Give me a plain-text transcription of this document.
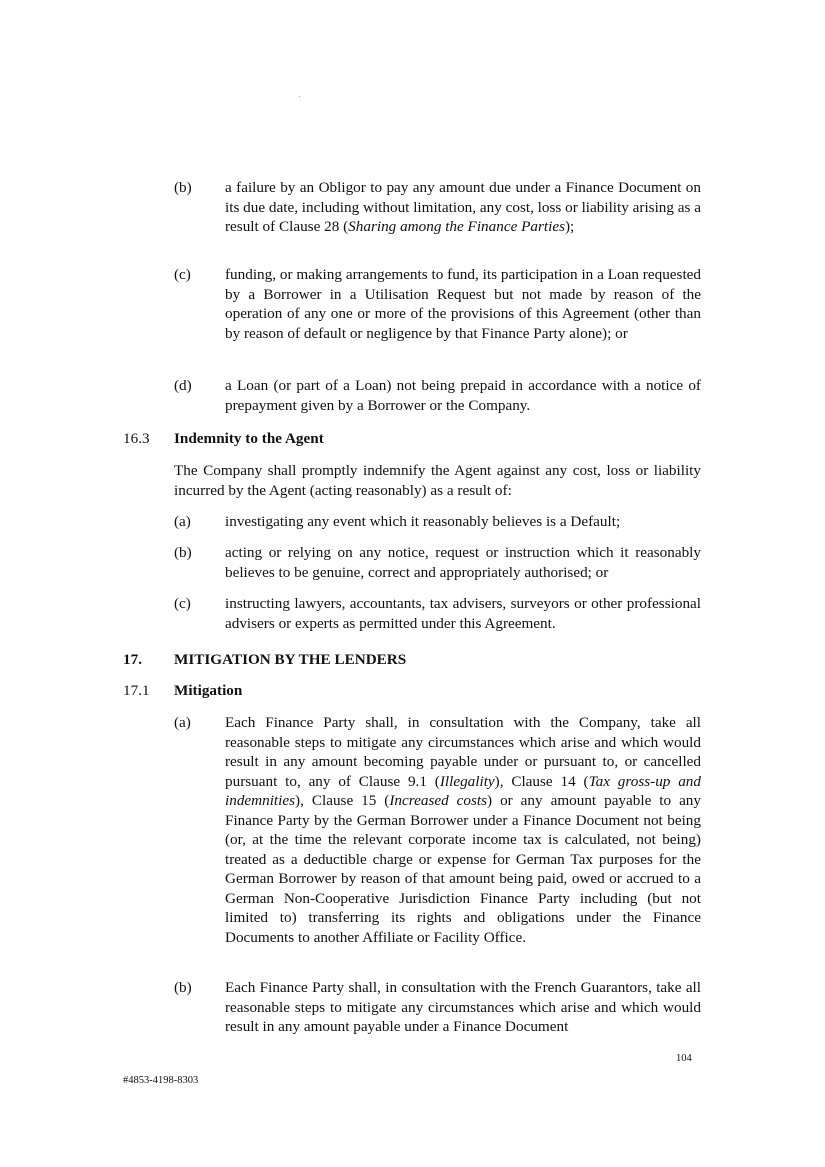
(b) a failure by an Obligor to pay any amount due under a Finance Document on its due date, including without limitation, any cost, loss or liability arising as a result of Clause 28 (Sharing among the Finance Parties);
(c) funding, or making arrangements to fund, its participation in a Loan requested by a Borrower in a Utilisation Request but not made by reason of the operation of any one or more of the provisions of this Agreement (other than by reason of default or negligence by that Finance Party alone); or
(d) a Loan (or part of a Loan) not being prepaid in accordance with a notice of prepayment given by a Borrower or the Company.
16.3 Indemnity to the Agent
The Company shall promptly indemnify the Agent against any cost, loss or liability incurred by the Agent (acting reasonably) as a result of:
(a) investigating any event which it reasonably believes is a Default;
(b) acting or relying on any notice, request or instruction which it reasonably believes to be genuine, correct and appropriately authorised; or
(c) instructing lawyers, accountants, tax advisers, surveyors or other professional advisers or experts as permitted under this Agreement.
17. MITIGATION BY THE LENDERS
17.1 Mitigation
(a) Each Finance Party shall, in consultation with the Company, take all reasonable steps to mitigate any circumstances which arise and which would result in any amount becoming payable under or pursuant to, or cancelled pursuant to, any of Clause 9.1 (Illegality), Clause 14 (Tax gross-up and indemnities), Clause 15 (Increased costs) or any amount payable to any Finance Party by the German Borrower under a Finance Document not being (or, at the time the relevant corporate income tax is calculated, not being) treated as a deductible charge or expense for German Tax purposes for the German Borrower by reason of that amount being paid, owed or accrued to a German Non-Cooperative Jurisdiction Finance Party including (but not limited to) transferring its rights and obligations under the Finance Documents to another Affiliate or Facility Office.
(b) Each Finance Party shall, in consultation with the French Guarantors, take all reasonable steps to mitigate any circumstances which arise and which would result in any amount payable under a Finance Document
104
#4853-4198-8303
